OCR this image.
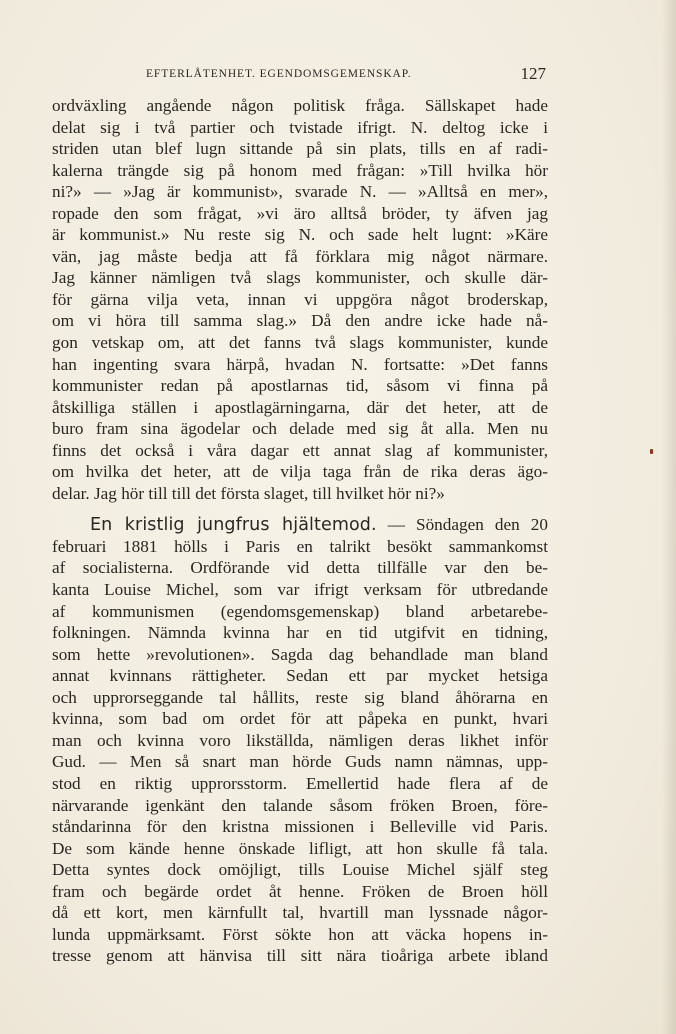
EFTERLÅTENHET. EGENDOMSGEMENSKAP.	127
ordväxling angående någon politisk fråga. Sällskapet hade
delat sig i två partier och tvistade ifrigt. N. deltog icke i
striden utan blef lugn sittande på sin plats, tills en af radi-
kalerna trängde sig på honom med frågan: »Till hvilka hör
ni?» — »Jag är kommunist», svarade N. — »Alltså en mer»,
ropade den som frågat, »vi äro alltså bröder, ty äfven jag
är kommunist.» Nu reste sig N. och sade helt lugnt: »Käre
vän, jag måste bedja att få förklara mig något närmare.
Jag känner nämligen två slags kommunister, och skulle där-
för gärna vilja veta, innan vi uppgöra något broderskap,
om vi höra till samma slag.» Då den andre icke hade nå-
gon vetskap om, att det fanns två slags kommunister, kunde
han ingenting svara härpå, hvadan N. fortsatte: »Det fanns
kommunister redan på apostlarnas tid, såsom vi finna på
åtskilliga ställen i apostlagärningarna, där det heter, att de
buro fram sina ägodelar och delade med sig åt alla. Men nu
finns det också i våra dagar ett annat slag af kommunister,
om hvilka det heter, att de vilja taga från de rika deras ägo-
delar. Jag hör till till det första slaget, till hvilket hör ni?»
En kristlig jungfrus hjältemod. — Söndagen den 20
februari 1881 hölls i Paris en talrikt besökt sammankomst
af socialisterna. Ordförande vid detta tillfälle var den be-
kanta Louise Michel, som var ifrigt verksam för utbredande
af kommunismen (egendomsgemenskap) bland arbetarebe-
folkningen. Nämnda kvinna har en tid utgifvit en tidning,
som hette »revolutionen». Sagda dag behandlade man bland
annat kvinnans rättigheter. Sedan ett par mycket hetsiga
och upprorseggande tal hållits, reste sig bland åhörarna en
kvinna, som bad om ordet för att påpeka en punkt, hvari
man och kvinna voro likställda, nämligen deras likhet inför
Gud. — Men så snart man hörde Guds namn nämnas, upp-
stod en riktig upprorsstorm. Emellertid hade flera af de
närvarande igenkänt den talande såsom fröken Broen, före-
ståndarinna för den kristna missionen i Belleville vid Paris.
De som kände henne önskade lifligt, att hon skulle få tala.
Detta syntes dock omöjligt, tills Louise Michel själf steg
fram och begärde ordet åt henne. Fröken de Broen höll
då ett kort, men kärnfullt tal, hvartill man lyssnade någor-
lunda uppmärksamt. Först sökte hon att väcka hopens in-
tresse genom att hänvisa till sitt nära tioåriga arbete ibland
